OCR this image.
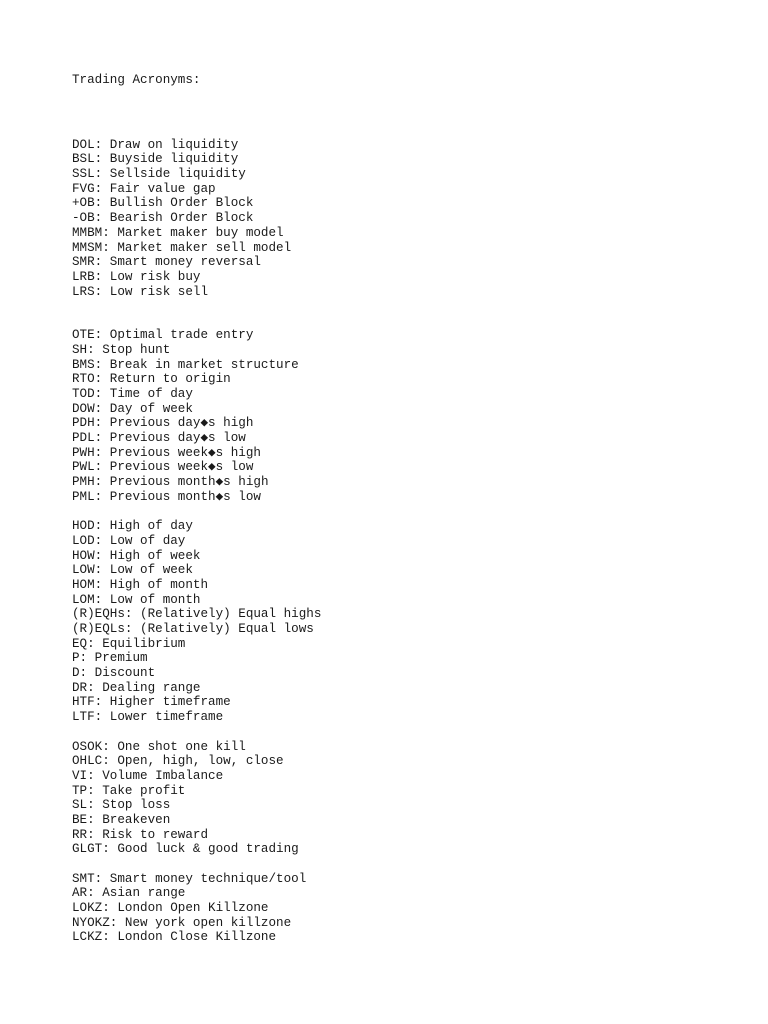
Trading Acronyms:
DOL: Draw on liquidity
BSL: Buyside liquidity
SSL: Sellside liquidity
FVG: Fair value gap
+OB: Bullish Order Block
-OB: Bearish Order Block
MMBM: Market maker buy model
MMSM: Market maker sell model
SMR: Smart money reversal
LRB: Low risk buy
LRS: Low risk sell
OTE: Optimal trade entry
SH: Stop hunt
BMS: Break in market structure
RTO: Return to origin
TOD: Time of day
DOW: Day of week
PDH: Previous day◆s high
PDL: Previous day◆s low
PWH: Previous week◆s high
PWL: Previous week◆s low
PMH: Previous month◆s high
PML: Previous month◆s low
HOD: High of day
LOD: Low of day
HOW: High of week
LOW: Low of week
HOM: High of month
LOM: Low of month
(R)EQHs: (Relatively) Equal highs
(R)EQLs: (Relatively) Equal lows
EQ: Equilibrium
P: Premium
D: Discount
DR: Dealing range
HTF: Higher timeframe
LTF: Lower timeframe
OSOK: One shot one kill
OHLC: Open, high, low, close
VI: Volume Imbalance
TP: Take profit
SL: Stop loss
BE: Breakeven
RR: Risk to reward
GLGT: Good luck & good trading
SMT: Smart money technique/tool
AR: Asian range
LOKZ: London Open Killzone
NYOKZ: New york open killzone
LCKZ: London Close Killzone
